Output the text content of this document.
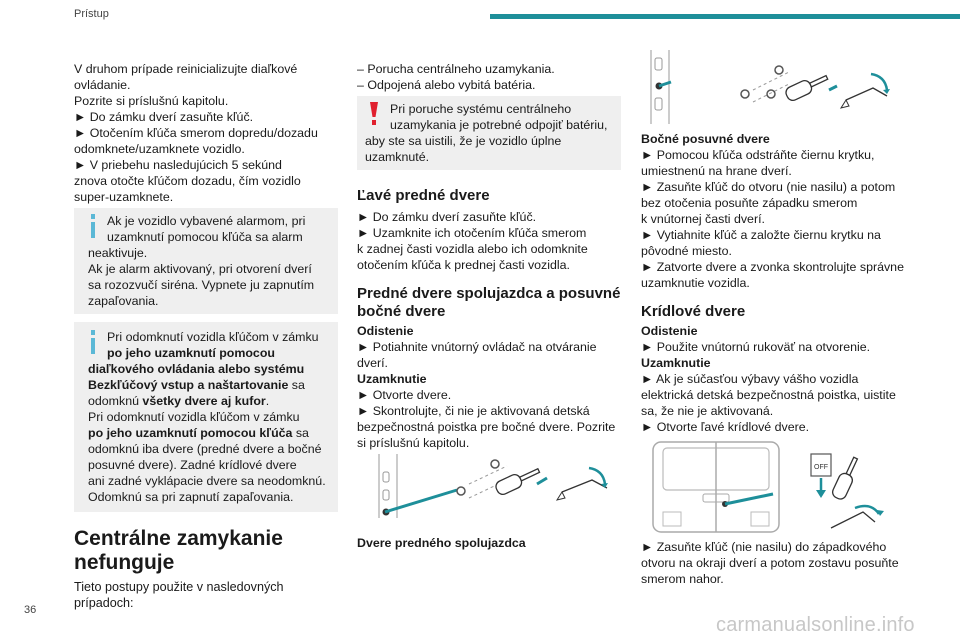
Prístup
36
carmanualsonline.info
V druhom prípade reinicializujte diaľkové
ovládanie.
Pozrite si príslušnú kapitolu.
► Do zámku dverí zasuňte kľúč.
► Otočením kľúča smerom dopredu/dozadu
odomknete/uzamknete vozidlo.
► V priebehu nasledujúcich 5 sekúnd
znova otočte kľúčom dozadu, čím vozidlo
super-uzamknete.
Ak je vozidlo vybavené alarmom, pri
uzamknutí pomocou kľúča sa alarm
neaktivuje.
Ak je alarm aktivovaný, pri otvorení dverí
sa rozozvučí siréna. Vypnete ju zapnutím
zapaľovania.
Pri odomknutí vozidla kľúčom v zámku
po jeho uzamknutí pomocou
diaľkového ovládania alebo systému
Bezkľúčový vstup a naštartovanie sa
odomknú všetky dvere aj kufor.
Pri odomknutí vozidla kľúčom v zámku
po jeho uzamknutí pomocou kľúča sa
odomknú iba dvere (predné dvere a bočné
posuvné dvere). Zadné krídlové dvere
ani zadné vyklápacie dvere sa neodomknú.
Odomknú sa pri zapnutí zapaľovania.
Centrálne zamykanie
nefunguje
Tieto postupy použite v nasledovných prípadoch:
– Porucha centrálneho uzamykania.
– Odpojená alebo vybitá batéria.
Pri poruche systému centrálneho
uzamykania je potrebné odpojiť batériu,
aby ste sa uistili, že je vozidlo úplne
uzamknuté.
Ľavé predné dvere
► Do zámku dverí zasuňte kľúč.
► Uzamknite ich otočením kľúča smerom
k zadnej časti vozidla alebo ich odomknite
otočením kľúča k prednej časti vozidla.
Predné dvere spolujazdca a posuvné
bočné dvere
Odistenie
► Potiahnite vnútorný ovládač na otváranie
dverí.
Uzamknutie
► Otvorte dvere.
► Skontrolujte, či nie je aktivovaná detská
bezpečnostná poistka pre bočné dvere. Pozrite
si príslušnú kapitolu.
Dvere predného spolujazdca
Bočné posuvné dvere
► Pomocou kľúča odstráňte čiernu krytku,
umiestnenú na hrane dverí.
► Zasuňte kľúč do otvoru (nie nasilu) a potom
bez otočenia posuňte západku smerom
k vnútornej časti dverí.
► Vytiahnite kľúč a založte čiernu krytku na
pôvodné miesto.
► Zatvorte dvere a zvonka skontrolujte správne
uzamknutie vozidla.
Krídlové dvere
Odistenie
► Použite vnútornú rukoväť na otvorenie.
Uzamknutie
► Ak je súčasťou výbavy vášho vozidla
elektrická detská bezpečnostná poistka, uistite
sa, že nie je aktivovaná.
► Otvorte ľavé krídlové dvere.
OFF
► Zasuňte kľúč (nie nasilu) do západkového
otvoru na okraji dverí a potom zostavu posuňte
smerom nahor.
